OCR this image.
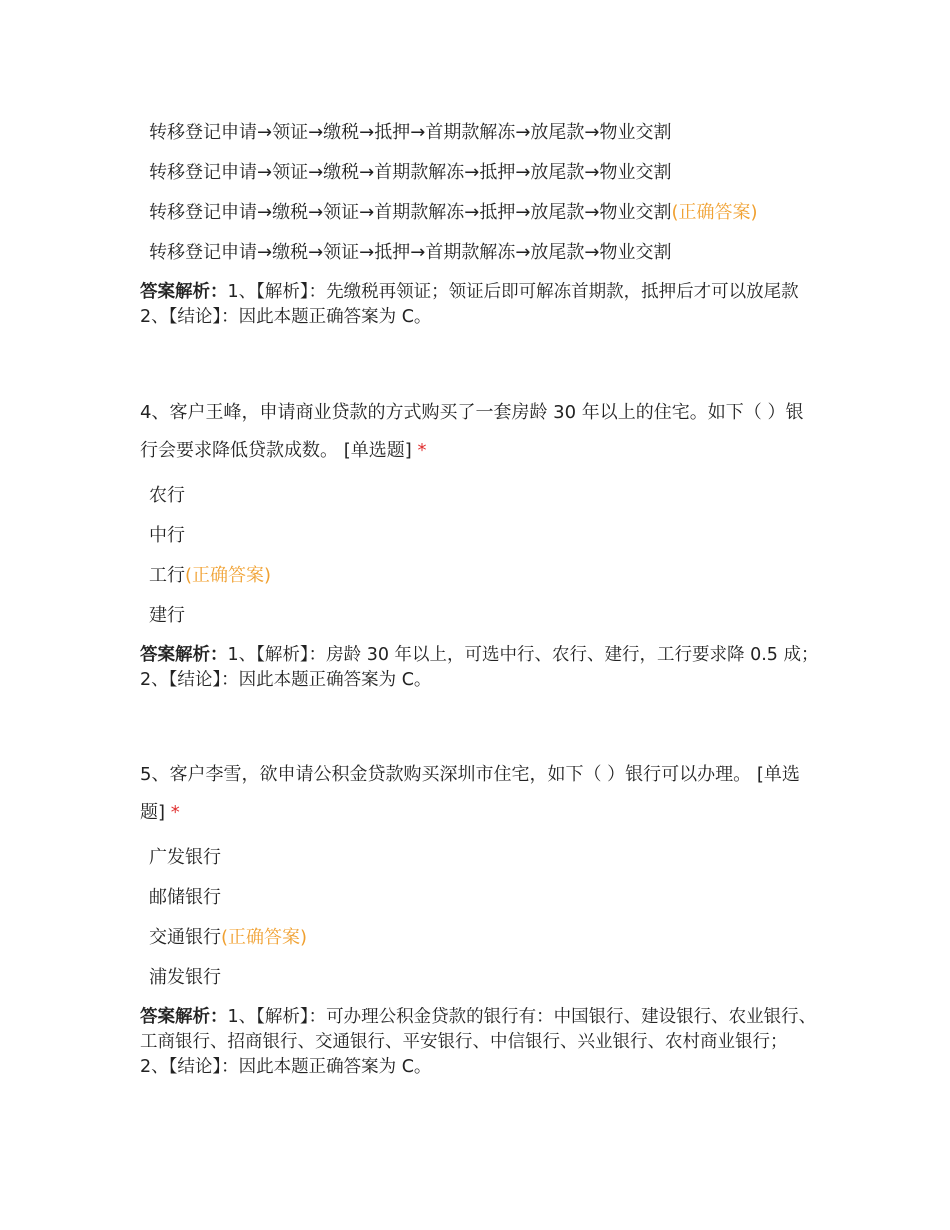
转移登记申请→领证→缴税→抵押→首期款解冻→放尾款→物业交割
转移登记申请→领证→缴税→首期款解冻→抵押→放尾款→物业交割
转移登记申请→缴税→领证→首期款解冻→抵押→放尾款→物业交割(正确答案)
转移登记申请→缴税→领证→抵押→首期款解冻→放尾款→物业交割
答案解析：1、【解析】：先缴税再领证；领证后即可解冻首期款，抵押后才可以放尾款 2、【结论】：因此本题正确答案为 C。
4、客户王峰，申请商业贷款的方式购买了一套房龄 30 年以上的住宅。如下（ ）银行会要求降低贷款成数。 [单选题] *
农行
中行
工行(正确答案)
建行
答案解析：1、【解析】：房龄 30 年以上，可选中行、农行、建行，工行要求降 0.5 成； 2、【结论】：因此本题正确答案为 C。
5、客户李雪，欲申请公积金贷款购买深圳市住宅，如下（ ）银行可以办理。 [单选题] *
广发银行
邮储银行
交通银行(正确答案)
浦发银行
答案解析：1、【解析】：可办理公积金贷款的银行有：中国银行、建设银行、农业银行、工商银行、招商银行、交通银行、平安银行、中信银行、兴业银行、农村商业银行； 2、【结论】：因此本题正确答案为 C。
